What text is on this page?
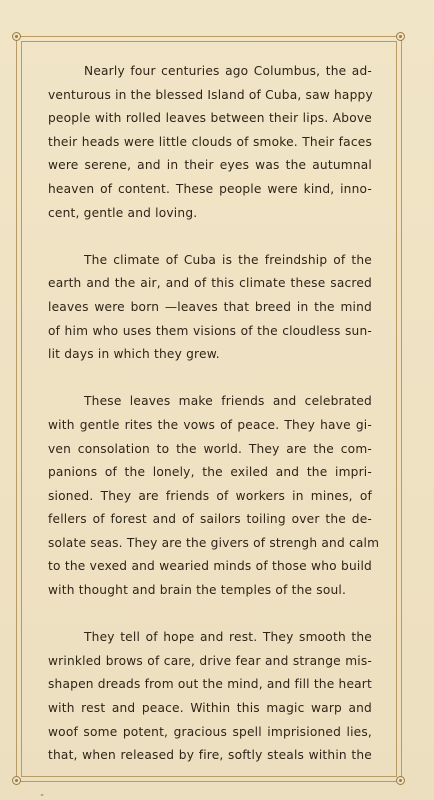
Nearly four centuries ago Columbus, the ad-
venturous in the blessed Island of Cuba, saw happy
people with rolled leaves between their lips. Above
their heads were little clouds of smoke. Their faces
were serene, and in their eyes was the autumnal
heaven of content. These people were kind, inno-
cent, gentle and loving.

The climate of Cuba is the freindship of the
earth and the air, and of this climate these sacred
leaves were born —leaves that breed in the mind
of him who uses them visions of the cloudless sun-
lit days in which they grew.

These leaves make friends and celebrated
with gentle rites the vows of peace. They have gi-
ven consolation to the world. They are the com-
panions of the lonely, the exiled and the impri-
sioned. They are friends of workers in mines, of
fellers of forest and of sailors toiling over the de-
solate seas. They are the givers of strengh and calm
to the vexed and wearied minds of those who build
with thought and brain the temples of the soul.

They tell of hope and rest. They smooth the
wrinkled brows of care, drive fear and strange mis-
shapen dreads from out the mind, and fill the heart
with rest and peace. Within this magic warp and
woof some potent, gracious spell imprisioned lies,
that, when released by fire, softly steals within the

„
